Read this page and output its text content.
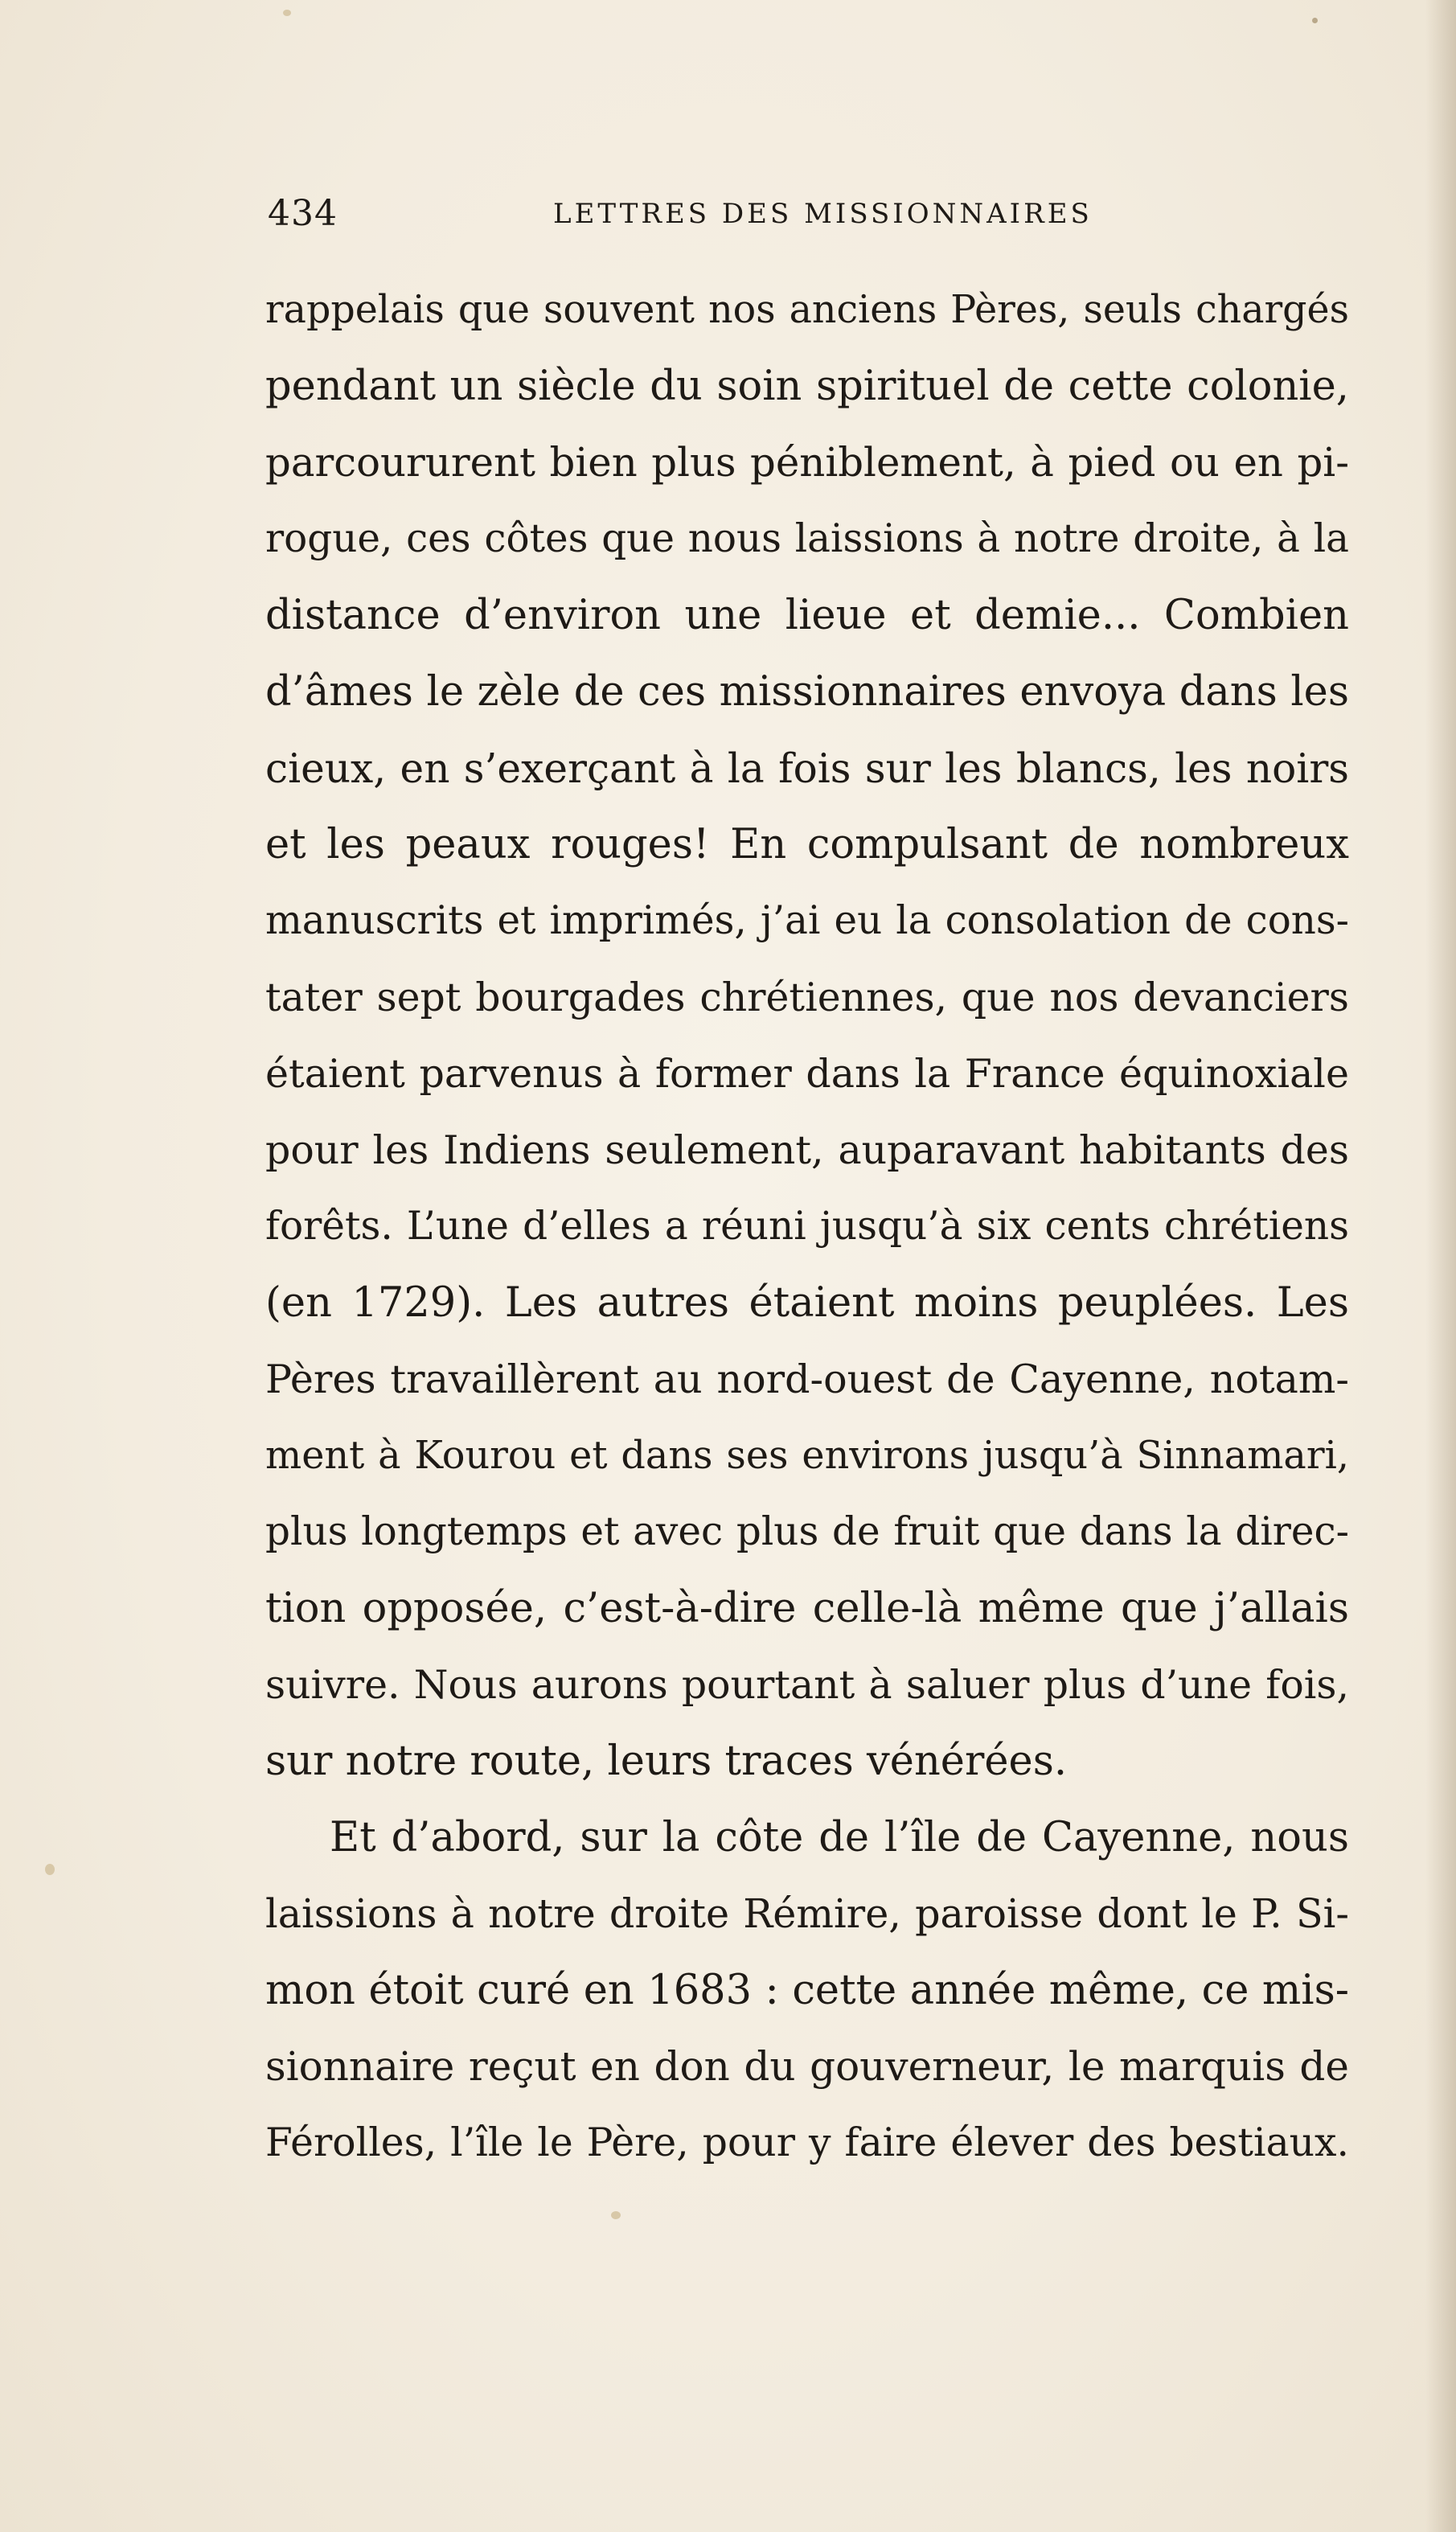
434	LETTRES DES MISSIONNAIRES
rappelais que souvent nos anciens Pères, seuls chargés
pendant un siècle du soin spirituel de cette colonie,
parcoururent bien plus péniblement, à pied ou en pi-
rogue, ces côtes que nous laissions à notre droite, à la
distance d’environ une lieue et demie... Combien
d’âmes le zèle de ces missionnaires envoya dans les
cieux, en s’exerçant à la fois sur les blancs, les noirs
et les peaux rouges! En compulsant de nombreux
manuscrits et imprimés, j’ai eu la consolation de cons-
tater sept bourgades chrétiennes, que nos devanciers
étaient parvenus à former dans la France équinoxiale
pour les Indiens seulement, auparavant habitants des
forêts. L’une d’elles a réuni jusqu’à six cents chrétiens
(en 1729). Les autres étaient moins peuplées. Les
Pères travaillèrent au nord-ouest de Cayenne, notam-
ment à Kourou et dans ses environs jusqu’à Sinnamari,
plus longtemps et avec plus de fruit que dans la direc-
tion opposée, c’est-à-dire celle-là même que j’allais
suivre. Nous aurons pourtant à saluer plus d’une fois,
sur notre route, leurs traces vénérées.
Et d’abord, sur la côte de l’île de Cayenne, nous
laissions à notre droite Rémire, paroisse dont le P. Si-
mon étoit curé en 1683 : cette année même, ce mis-
sionnaire reçut en don du gouverneur, le marquis de
Férolles, l’île le Père, pour y faire élever des bestiaux.
